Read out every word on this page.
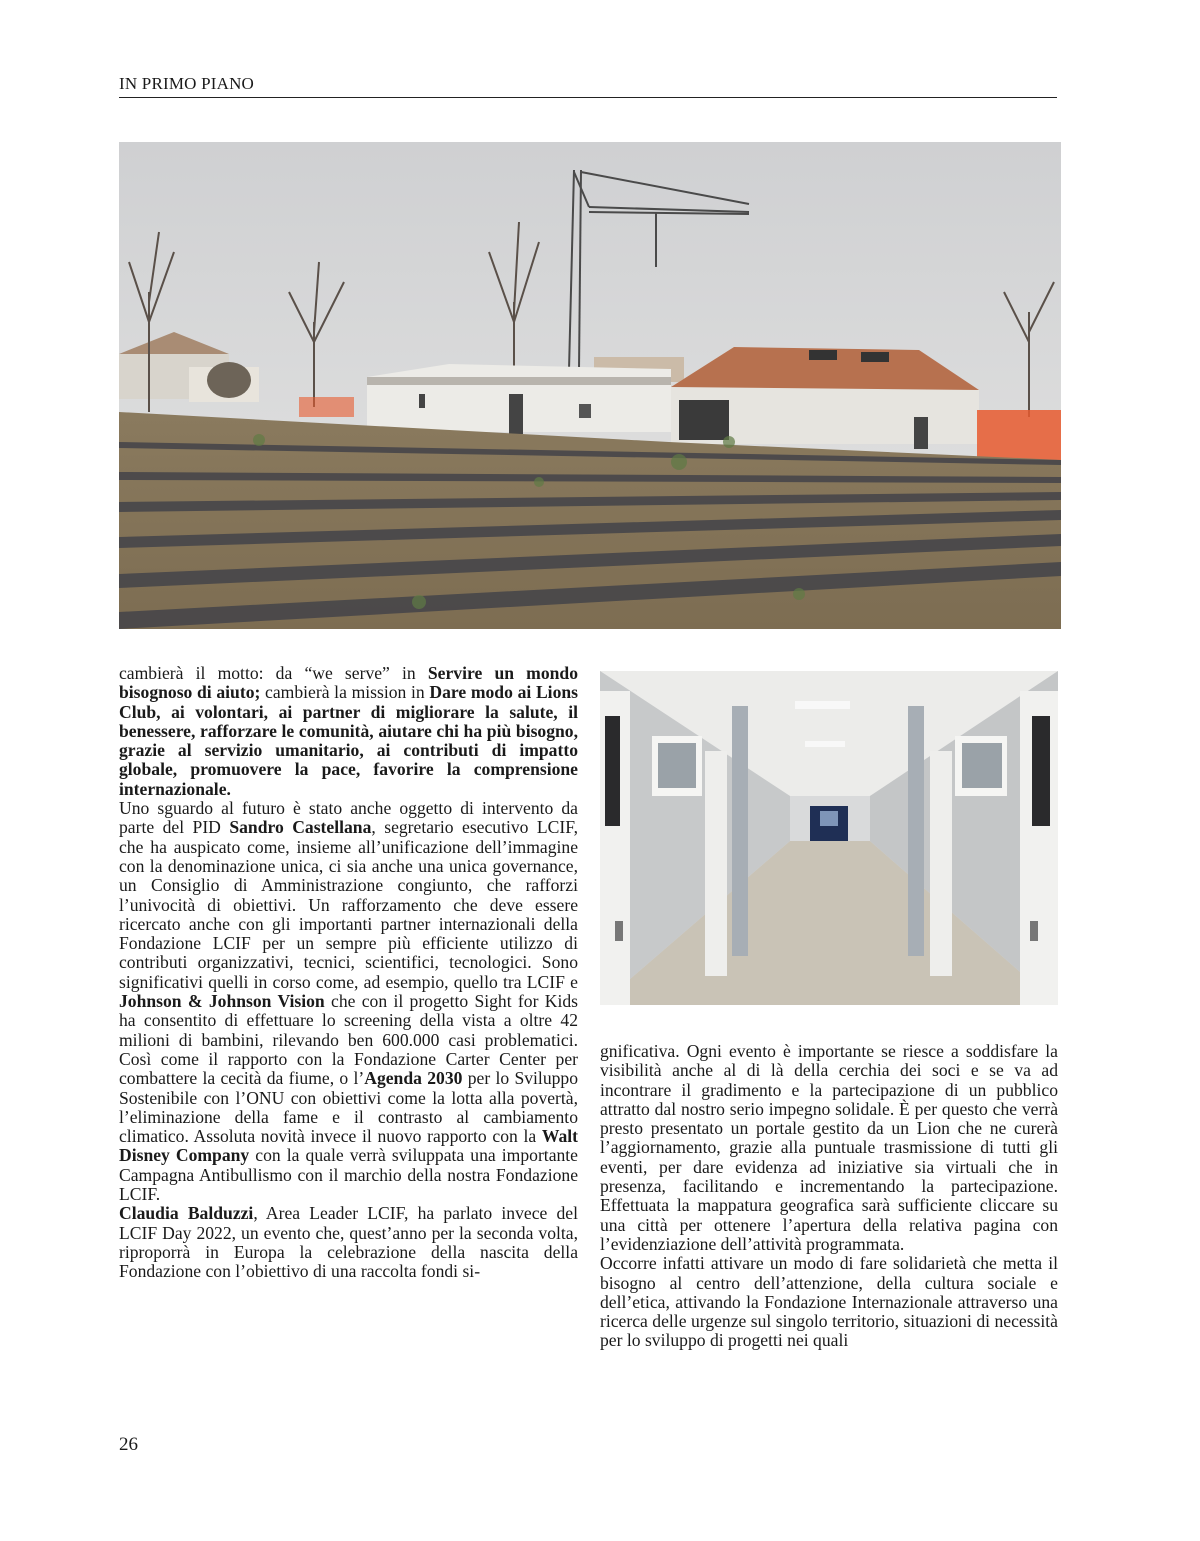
IN PRIMO PIANO

cambierà il motto: da “we serve” in Servire un mondo bisognoso di aiuto; cambierà la mission in Dare modo ai Lions Club, ai volontari, ai partner di migliorare la salute, il benessere, rafforzare le comunità, aiutare chi ha più bisogno, grazie al servizio umanitario, ai contributi di impatto globale, promuovere la pace, favorire la comprensione internazionale.

Uno sguardo al futuro è stato anche oggetto di intervento da parte del PID Sandro Castellana, segretario esecutivo LCIF, che ha auspicato come, insieme all’unificazione dell’immagine con la denominazione unica, ci sia anche una unica governance, un Consiglio di Amministrazione congiunto, che rafforzi l’univocità di obiettivi. Un rafforzamento che deve essere ricercato anche con gli importanti partner internazionali della Fondazione LCIF per un sempre più efficiente utilizzo di contributi organizzativi, tecnici, scientifici, tecnologici. Sono significativi quelli in corso come, ad esempio, quello tra LCIF e Johnson & Johnson Vision che con il progetto Sight for Kids ha consentito di effettuare lo screening della vista a oltre 42 milioni di bambini, rilevando ben 600.000 casi problematici. Così come il rapporto con la Fondazione Carter Center per combattere la cecità da fiume, o l’Agenda 2030 per lo Sviluppo Sostenibile con l’ONU con obiettivi come la lotta alla povertà, l’eliminazione della fame e il contrasto al cambiamento climatico. Assoluta novità invece il nuovo rapporto con la Walt Disney Company con la quale verrà sviluppata una importante Campagna Antibullismo con il marchio della nostra Fondazione LCIF.

Claudia Balduzzi, Area Leader LCIF, ha parlato invece del LCIF Day 2022, un evento che, quest’anno per la seconda volta, riproporrà in Europa la celebrazione della nascita della Fondazione con l’obiettivo di una raccolta fondi si-

gnificativa. Ogni evento è importante se riesce a soddisfare la visibilità anche al di là della cerchia dei soci e se va ad incontrare il gradimento e la partecipazione di un pubblico attratto dal nostro serio impegno solidale. È per questo che verrà presto presentato un portale gestito da un Lion che ne curerà l’aggiornamento, grazie alla puntuale trasmissione di tutti gli eventi, per dare evidenza ad iniziative sia virtuali che in presenza, facilitando e incrementando la partecipazione. Effettuata la mappatura geografica sarà sufficiente cliccare su una città per ottenere l’apertura della relativa pagina con l’evidenziazione dell’attività programmata.

Occorre infatti attivare un modo di fare solidarietà che metta il bisogno al centro dell’attenzione, della cultura sociale e dell’etica, attivando la Fondazione Internazionale attraverso una ricerca delle urgenze sul singolo territorio, situazioni di necessità per lo sviluppo di progetti nei quali

26
